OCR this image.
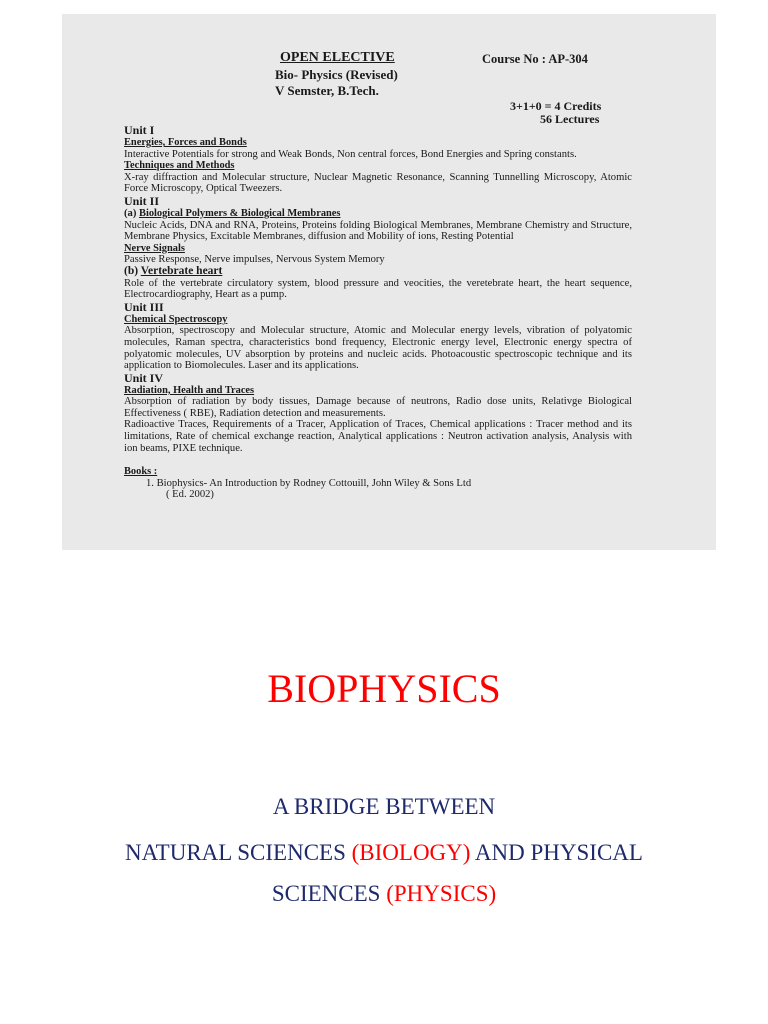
OPEN ELECTIVE	Course No : AP-304
Bio- Physics (Revised)
V Semster, B.Tech.
3+1+0 = 4 Credits
56 Lectures
Unit I
Energies, Forces and Bonds
Interactive Potentials for strong and Weak Bonds, Non central forces, Bond Energies and Spring constants.
Techniques and Methods
X-ray diffraction and Molecular structure, Nuclear Magnetic Resonance, Scanning Tunnelling Microscopy, Atomic Force Microscopy, Optical Tweezers.
Unit II
(a) Biological Polymers & Biological Membranes
Nucleic Acids, DNA and RNA, Proteins, Proteins folding Biological Membranes, Membrane Chemistry and Structure, Membrane Physics, Excitable Membranes, diffusion and Mobility of ions, Resting Potential
Nerve Signals
Passive Response, Nerve impulses, Nervous System Memory
(b) Vertebrate heart
Role of the vertebrate circulatory system, blood pressure and veocities, the veretebrate heart, the heart sequence, Electrocardiography, Heart as a pump.
Unit III
Chemical Spectroscopy
Absorption, spectroscopy and Molecular structure, Atomic and Molecular energy levels, vibration of polyatomic molecules, Raman spectra, characteristics bond frequency, Electronic energy level, Electronic energy spectra of polyatomic molecules, UV absorption by proteins and nucleic acids. Photoacoustic spectroscopic technique and its application to Biomolecules. Laser and its applications.
Unit IV
Radiation, Health and Traces
Absorption of radiation by body tissues, Damage because of neutrons, Radio dose units, Relativge Biological Effectiveness ( RBE), Radiation detection and measurements.
Radioactive Traces, Requirements of a Tracer, Application of Traces, Chemical applications : Tracer method and its limitations, Rate of chemical exchange reaction, Analytical applications : Neutron activation analysis, Analysis with ion beams, PIXE technique.
Books :
1. Biophysics- An Introduction by Rodney Cottouill, John Wiley & Sons Ltd
( Ed. 2002)
BIOPHYSICS
A BRIDGE BETWEEN
NATURAL SCIENCES (BIOLOGY) AND PHYSICAL
SCIENCES (PHYSICS)
